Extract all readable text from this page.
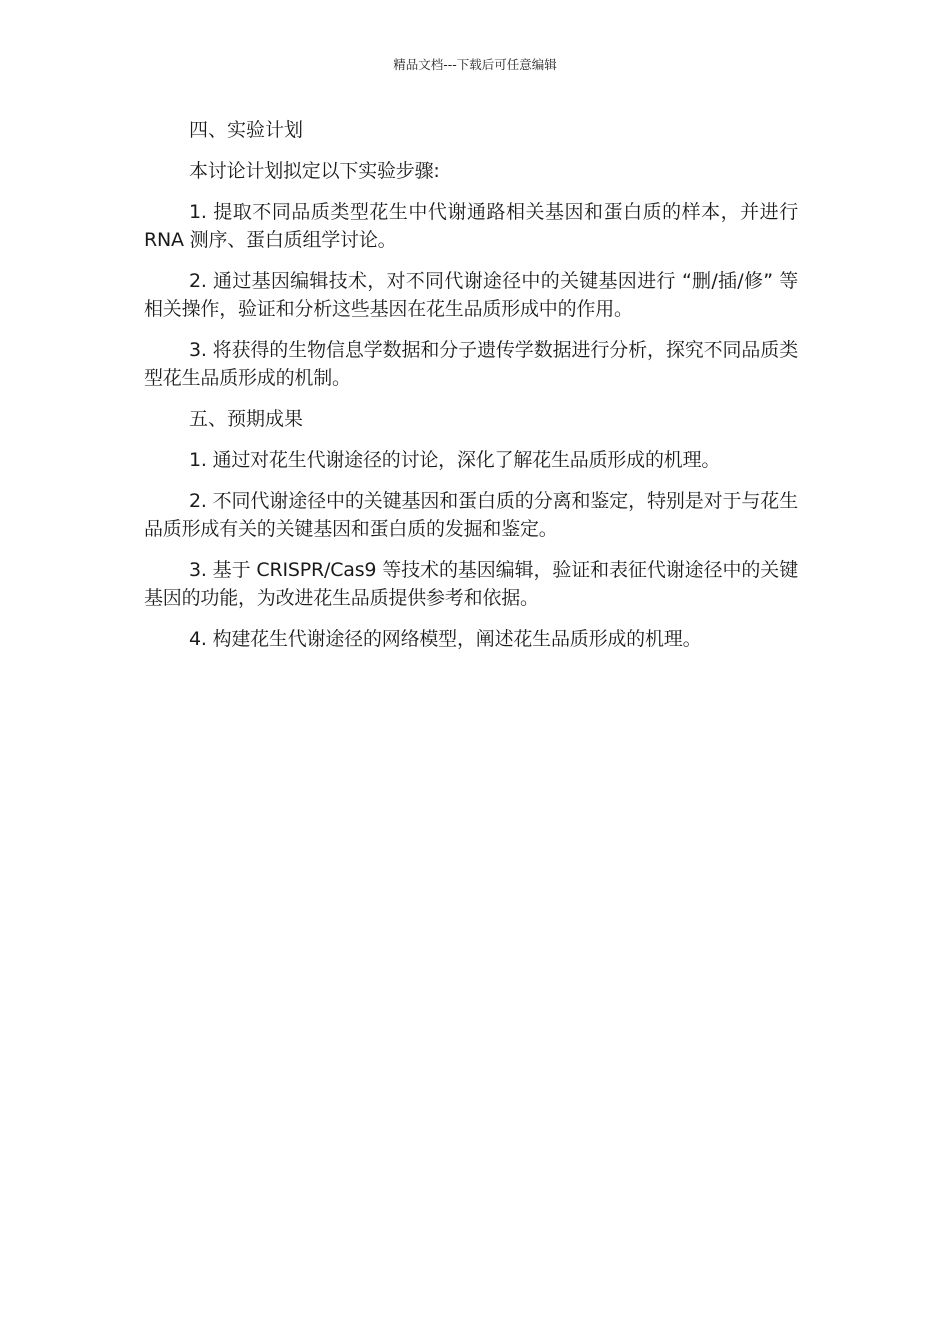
精品文档---下载后可任意编辑

四、实验计划

本讨论计划拟定以下实验步骤:

1. 提取不同品质类型花生中代谢通路相关基因和蛋白质的样本，并进行 RNA 测序、蛋白质组学讨论。

2. 通过基因编辑技术，对不同代谢途径中的关键基因进行 “删/插/修” 等相关操作，验证和分析这些基因在花生品质形成中的作用。

3. 将获得的生物信息学数据和分子遗传学数据进行分析，探究不同品质类型花生品质形成的机制。

五、预期成果

1. 通过对花生代谢途径的讨论，深化了解花生品质形成的机理。

2. 不同代谢途径中的关键基因和蛋白质的分离和鉴定，特别是对于与花生品质形成有关的关键基因和蛋白质的发掘和鉴定。

3. 基于 CRISPR/Cas9 等技术的基因编辑，验证和表征代谢途径中的关键基因的功能，为改进花生品质提供参考和依据。

4. 构建花生代谢途径的网络模型，阐述花生品质形成的机理。
